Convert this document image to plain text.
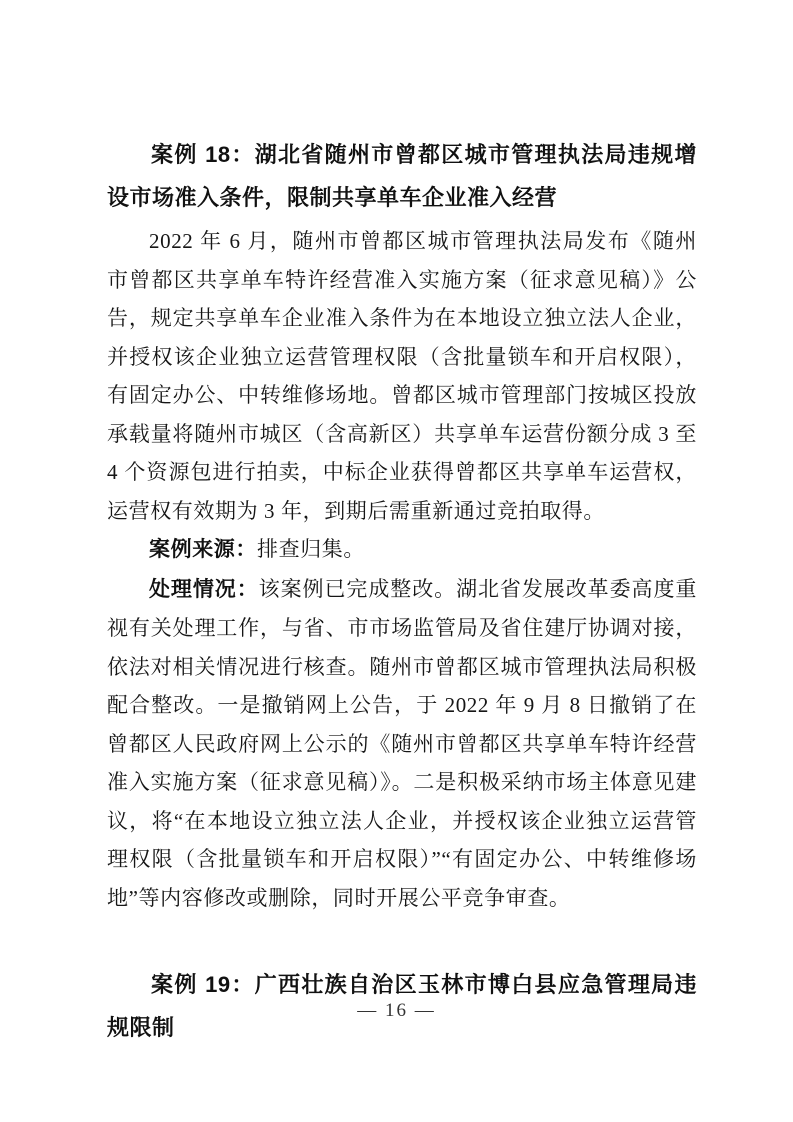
案例 18：湖北省随州市曾都区城市管理执法局违规增设市场准入条件，限制共享单车企业准入经营

2022 年 6 月，随州市曾都区城市管理执法局发布《随州市曾都区共享单车特许经营准入实施方案（征求意见稿）》公告，规定共享单车企业准入条件为在本地设立独立法人企业，并授权该企业独立运营管理权限（含批量锁车和开启权限），有固定办公、中转维修场地。曾都区城市管理部门按城区投放承载量将随州市城区（含高新区）共享单车运营份额分成 3 至 4 个资源包进行拍卖，中标企业获得曾都区共享单车运营权，运营权有效期为 3 年，到期后需重新通过竞拍取得。

案例来源：排查归集。

处理情况：该案例已完成整改。湖北省发展改革委高度重视有关处理工作，与省、市市场监管局及省住建厅协调对接，依法对相关情况进行核查。随州市曾都区城市管理执法局积极配合整改。一是撤销网上公告，于 2022 年 9 月 8 日撤销了在曾都区人民政府网上公示的《随州市曾都区共享单车特许经营准入实施方案（征求意见稿）》。二是积极采纳市场主体意见建议，将“在本地设立独立法人企业，并授权该企业独立运营管理权限（含批量锁车和开启权限）”“有固定办公、中转维修场地”等内容修改或删除，同时开展公平竞争审查。

案例 19：广西壮族自治区玉林市博白县应急管理局违规限制
— 16 —
